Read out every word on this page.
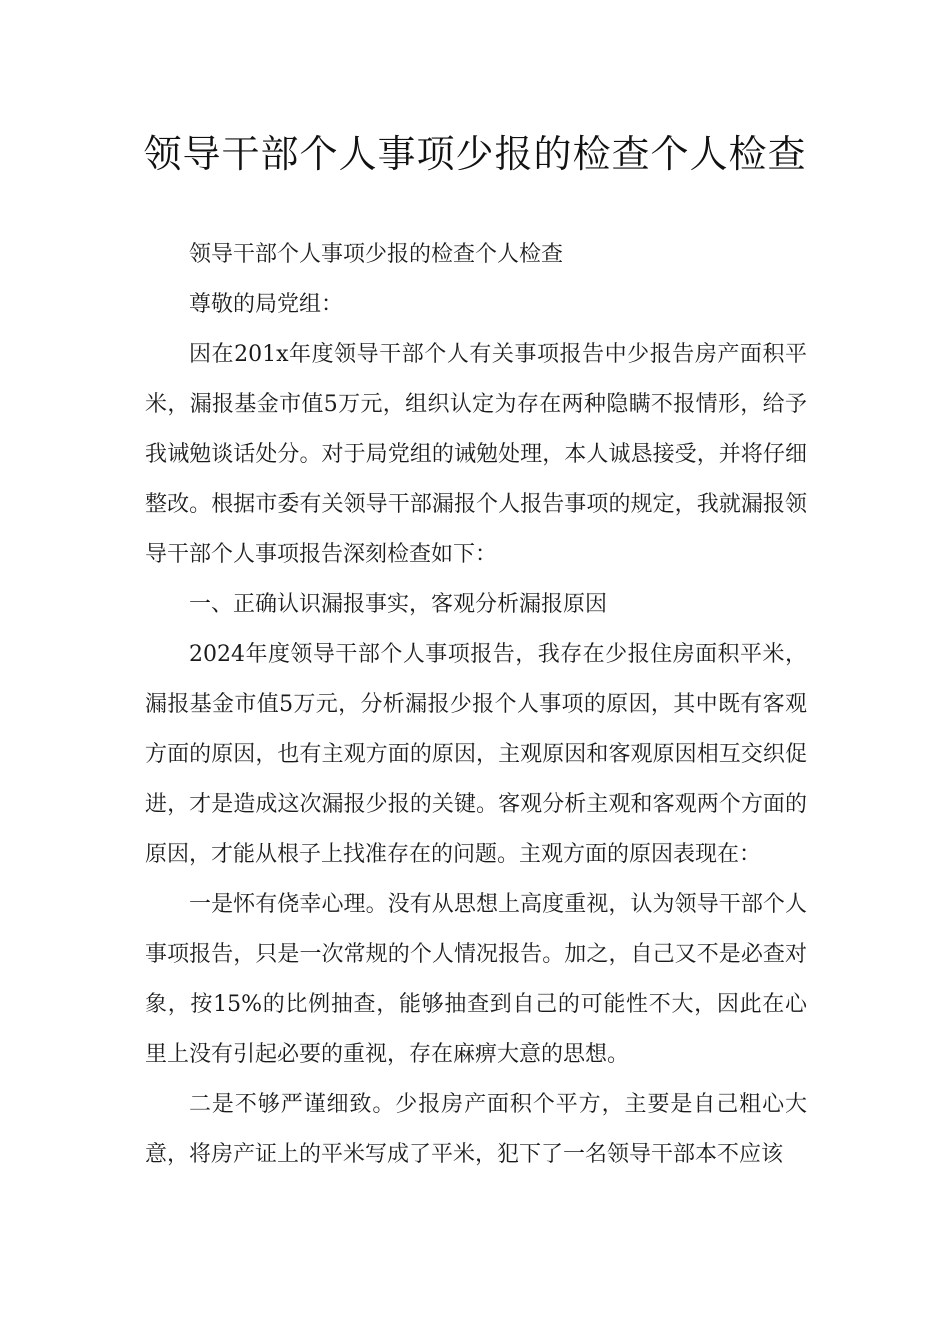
领导干部个人事项少报的检查个人检查

领导干部个人事项少报的检查个人检查

尊敬的局党组：

因在201x年度领导干部个人有关事项报告中少报告房产面积平米，漏报基金市值5万元，组织认定为存在两种隐瞒不报情形，给予我诫勉谈话处分。对于局党组的诫勉处理，本人诚恳接受，并将仔细整改。根据市委有关领导干部漏报个人报告事项的规定，我就漏报领导干部个人事项报告深刻检查如下：

一、正确认识漏报事实，客观分析漏报原因

2024年度领导干部个人事项报告，我存在少报住房面积平米，漏报基金市值5万元，分析漏报少报个人事项的原因，其中既有客观方面的原因，也有主观方面的原因，主观原因和客观原因相互交织促进，才是造成这次漏报少报的关键。客观分析主观和客观两个方面的原因，才能从根子上找准存在的问题。主观方面的原因表现在：

一是怀有侥幸心理。没有从思想上高度重视，认为领导干部个人事项报告，只是一次常规的个人情况报告。加之，自己又不是必查对象，按15%的比例抽查，能够抽查到自己的可能性不大，因此在心里上没有引起必要的重视，存在麻痹大意的思想。

二是不够严谨细致。少报房产面积个平方，主要是自己粗心大意，将房产证上的平米写成了平米，犯下了一名领导干部本不应该
